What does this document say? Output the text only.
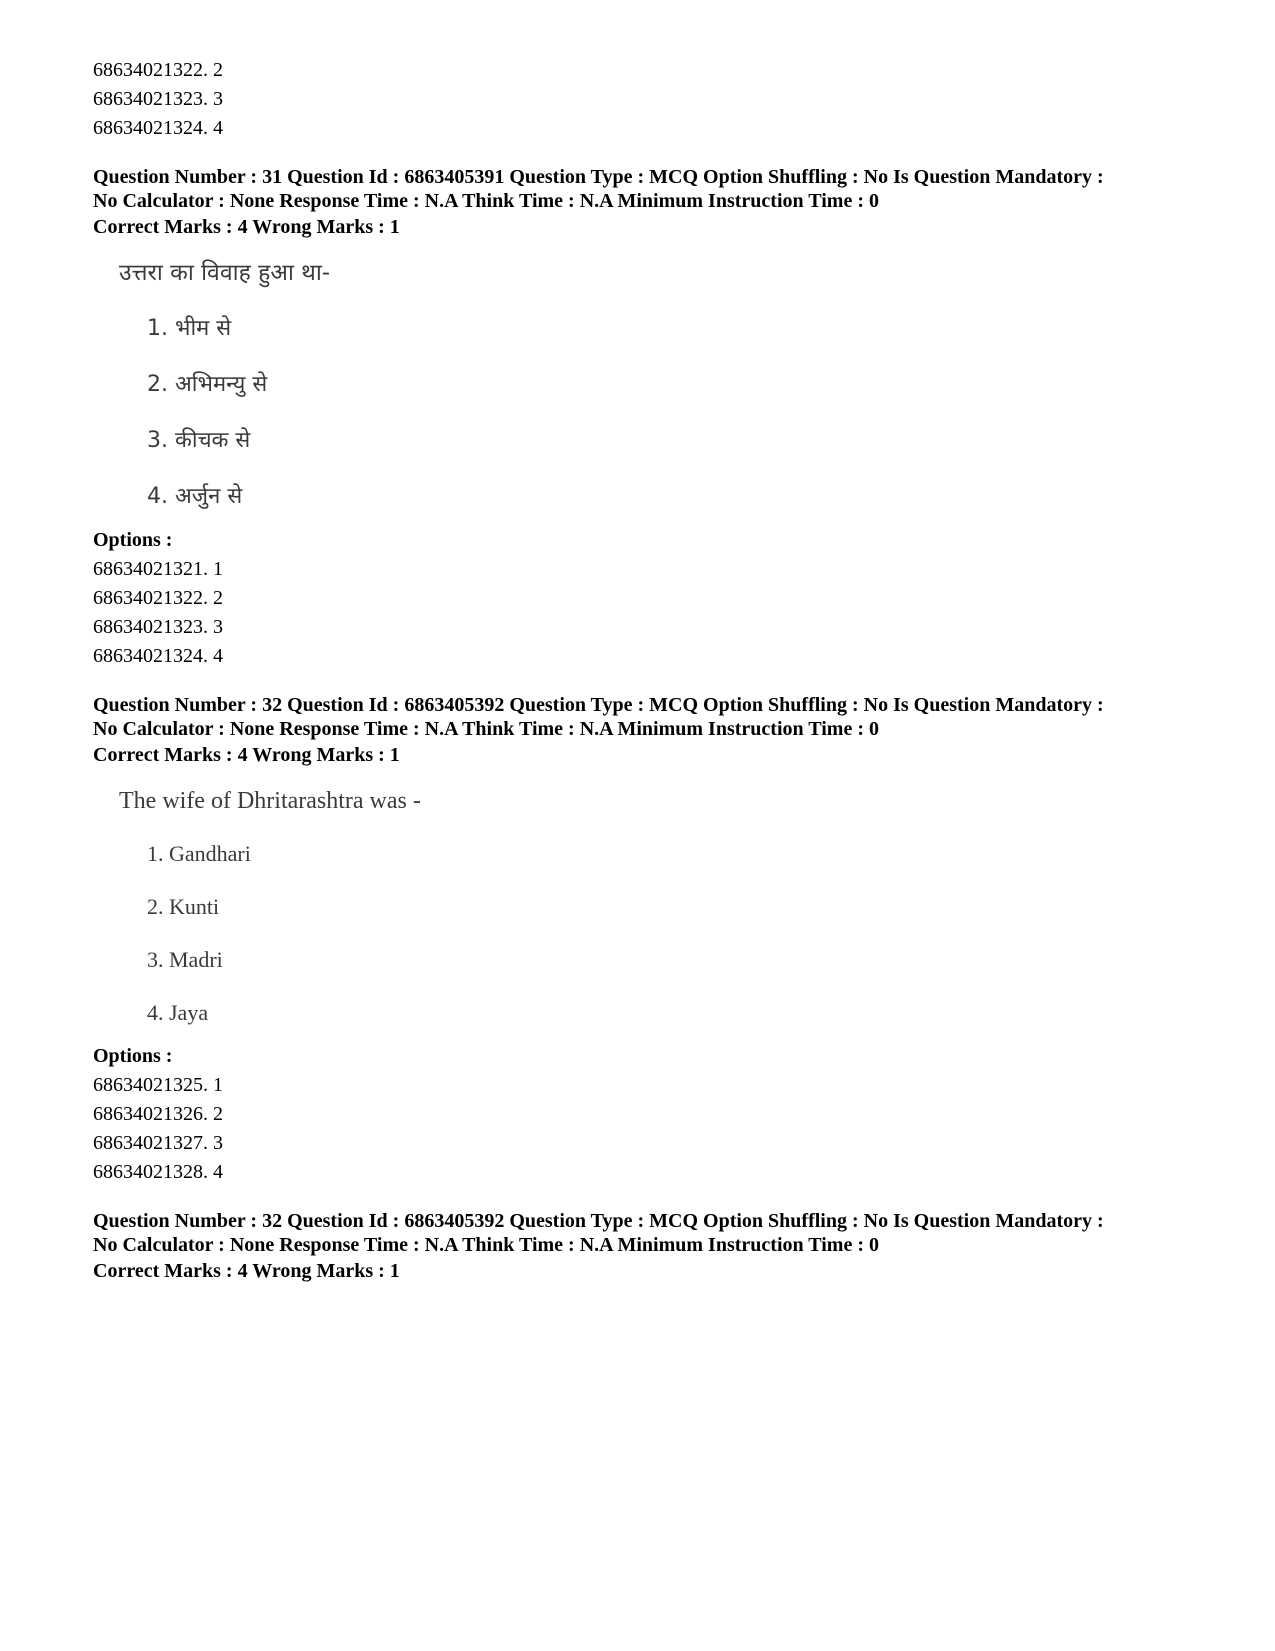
68634021322. 2
68634021323. 3
68634021324. 4
Question Number : 31 Question Id : 6863405391 Question Type : MCQ Option Shuffling : No Is Question Mandatory :
No Calculator : None Response Time : N.A Think Time : N.A Minimum Instruction Time : 0
Correct Marks : 4 Wrong Marks : 1
उत्तरा का विवाह हुआ था-
1. भीम से
2. अभिमन्यु से
3. कीचक से
4. अर्जुन से
Options :
68634021321. 1
68634021322. 2
68634021323. 3
68634021324. 4
Question Number : 32 Question Id : 6863405392 Question Type : MCQ Option Shuffling : No Is Question Mandatory :
No Calculator : None Response Time : N.A Think Time : N.A Minimum Instruction Time : 0
Correct Marks : 4 Wrong Marks : 1
The wife of Dhritarashtra was -
1. Gandhari
2. Kunti
3. Madri
4. Jaya
Options :
68634021325. 1
68634021326. 2
68634021327. 3
68634021328. 4
Question Number : 32 Question Id : 6863405392 Question Type : MCQ Option Shuffling : No Is Question Mandatory :
No Calculator : None Response Time : N.A Think Time : N.A Minimum Instruction Time : 0
Correct Marks : 4 Wrong Marks : 1
